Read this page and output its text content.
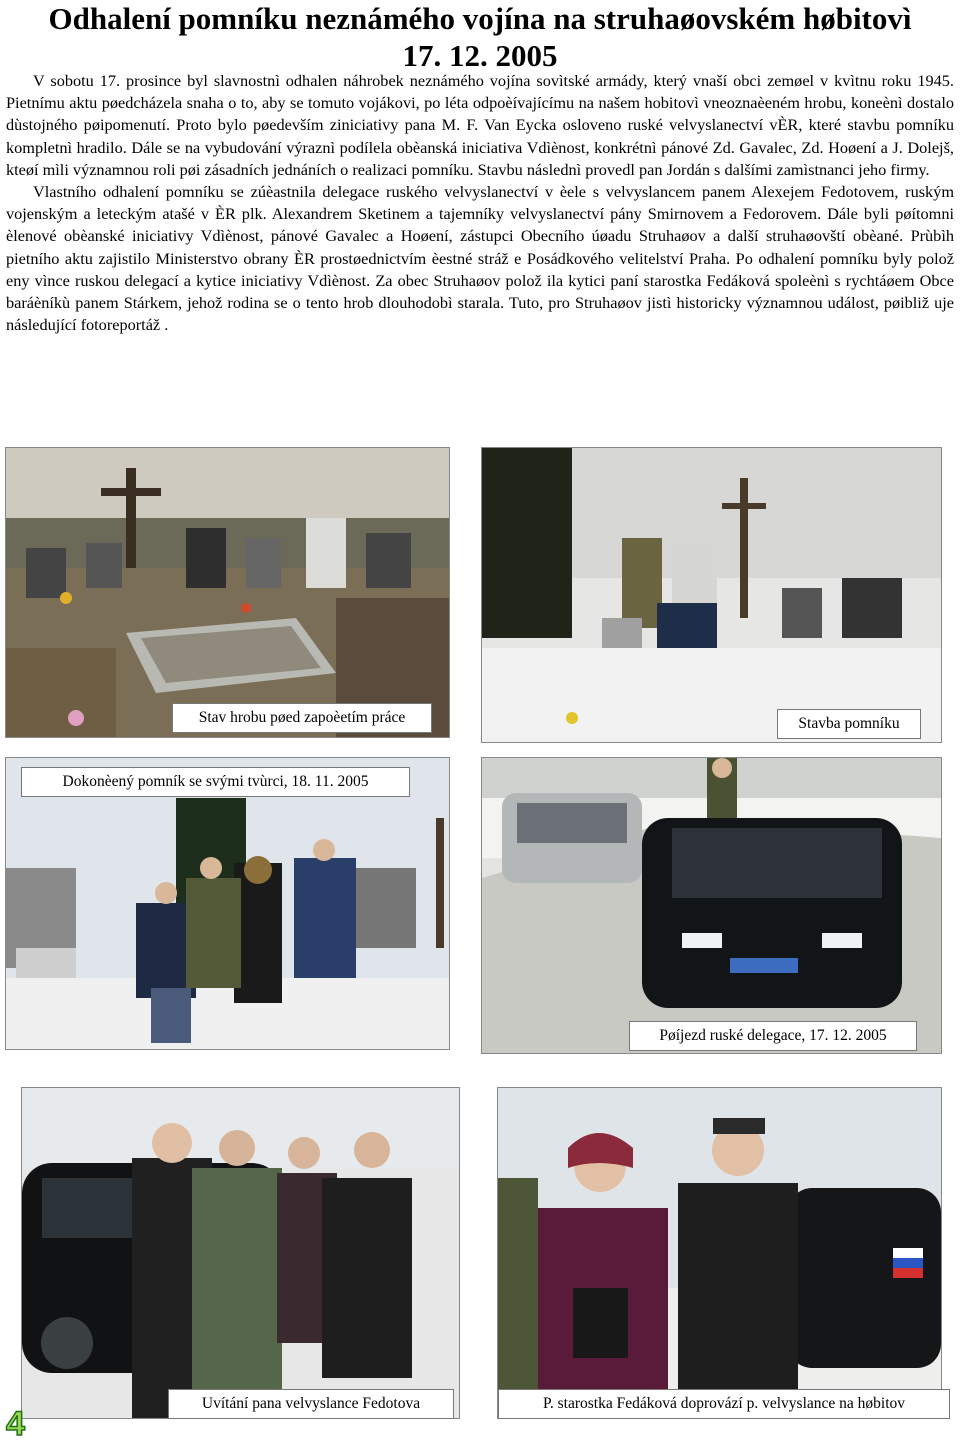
Odhalení pomníku neznámého vojína na struhaøovském høbitovì
17. 12. 2005

V sobotu 17. prosince byl slavnostnì odhalen náhrobek neznámého vojína sovìtské armády, který vnaší obci zemøel v kvìtnu roku 1945. Pietnímu aktu pøedcházela snaha o to, aby se tomuto vojákovi, po léta odpoèívajícímu na našem hobitovì vneoznaèeném hrobu, koneènì dostalo dùstojného pøipomenutí. Proto bylo pøedevším ziniciativy pana M. F. Van Eycka osloveno ruské velvyslanectví vÈR, které stavbu pomníku kompletnì hradilo. Dále se na vybudování výraznì podílela obèanská iniciativa Vdìènost, konkrétnì pánové Zd. Gavalec, Zd. Hoøení a J. Dolejš, kteøí mìli významnou roli pøi zásadních jednáních o realizaci pomníku. Stavbu následnì provedl pan Jordán s dalšími zamìstnanci jeho firmy.

Vlastního odhalení pomníku se zúèastnila delegace ruského velvyslanectví v èele s velvyslancem panem Alexejem Fedotovem, ruským vojenským a leteckým atašé v ÈR plk. Alexandrem Sketinem a tajemníky velvyslanectví pány Smirnovem a Fedorovem. Dále byli pøítomni èlenové obèanské iniciativy Vdìènost, pánové Gavalec a Hoøení, zástupci Obecního úøadu Struhaøov a další struhaøovští obèané. Prùbìh pietního aktu zajistilo Ministerstvo obrany ÈR prostøednictvím èestné stráž e Posádkového velitelství Praha. Po odhalení pomníku byly polož eny vìnce ruskou delegací a kytice iniciativy Vdìènost. Za obec Struhaøov polož ila kytici paní starostka Fedáková spoleènì s rychtáøem Obce baráèníkù panem Stárkem, jehož rodina se o tento hrob dlouhodobì starala. Tuto, pro Struhaøov jistì historicky významnou událost, pøibliž uje následující fotoreportáž .

Stav hrobu pøed zapoèetím práce	Stavba pomníku
Dokonèený pomník se svými tvùrci, 18. 11. 2005
Pøíjezd ruské delegace, 17. 12. 2005
Uvítání pana velvyslance Fedotova	P. starostka Fedáková doprovází p. velvyslance na høbitov
4
